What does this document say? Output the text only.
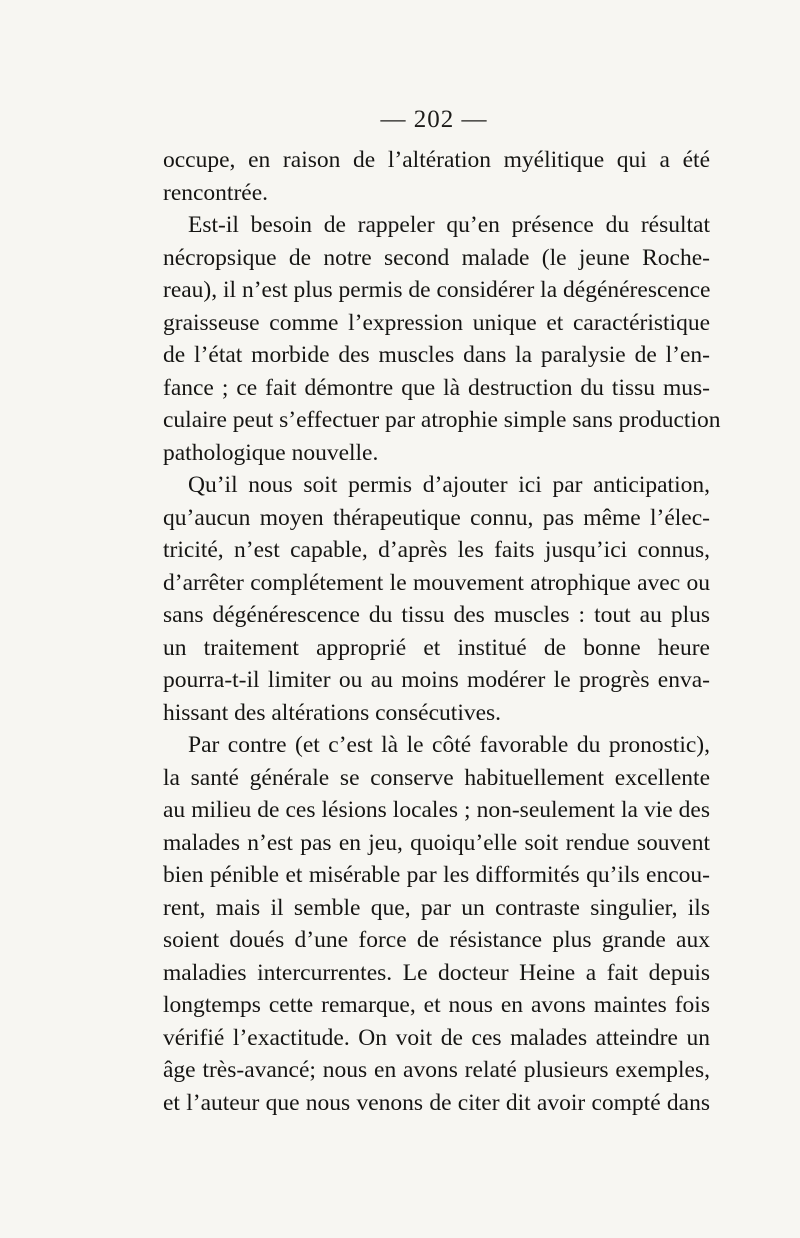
— 202 —
occupe, en raison de l’altération myélitique qui a été
rencontrée.
Est-il besoin de rappeler qu’en présence du résultat
nécropsique de notre second malade (le jeune Roche-
reau), il n’est plus permis de considérer la dégénérescence
graisseuse comme l’expression unique et caractéristique
de l’état morbide des muscles dans la paralysie de l’en-
fance ; ce fait démontre que là destruction du tissu mus-
culaire peut s’effectuer par atrophie simple sans production
pathologique nouvelle.
Qu’il nous soit permis d’ajouter ici par anticipation,
qu’aucun moyen thérapeutique connu, pas même l’élec-
tricité, n’est capable, d’après les faits jusqu’ici connus,
d’arrêter complétement le mouvement atrophique avec ou
sans dégénérescence du tissu des muscles : tout au plus
un traitement approprié et institué de bonne heure
pourra-t-il limiter ou au moins modérer le progrès enva-
hissant des altérations consécutives.
Par contre (et c’est là le côté favorable du pronostic),
la santé générale se conserve habituellement excellente
au milieu de ces lésions locales ; non-seulement la vie des
malades n’est pas en jeu, quoiqu’elle soit rendue souvent
bien pénible et misérable par les difformités qu’ils encou-
rent, mais il semble que, par un contraste singulier, ils
soient doués d’une force de résistance plus grande aux
maladies intercurrentes. Le docteur Heine a fait depuis
longtemps cette remarque, et nous en avons maintes fois
vérifié l’exactitude. On voit de ces malades atteindre un
âge très-avancé; nous en avons relaté plusieurs exemples,
et l’auteur que nous venons de citer dit avoir compté dans
